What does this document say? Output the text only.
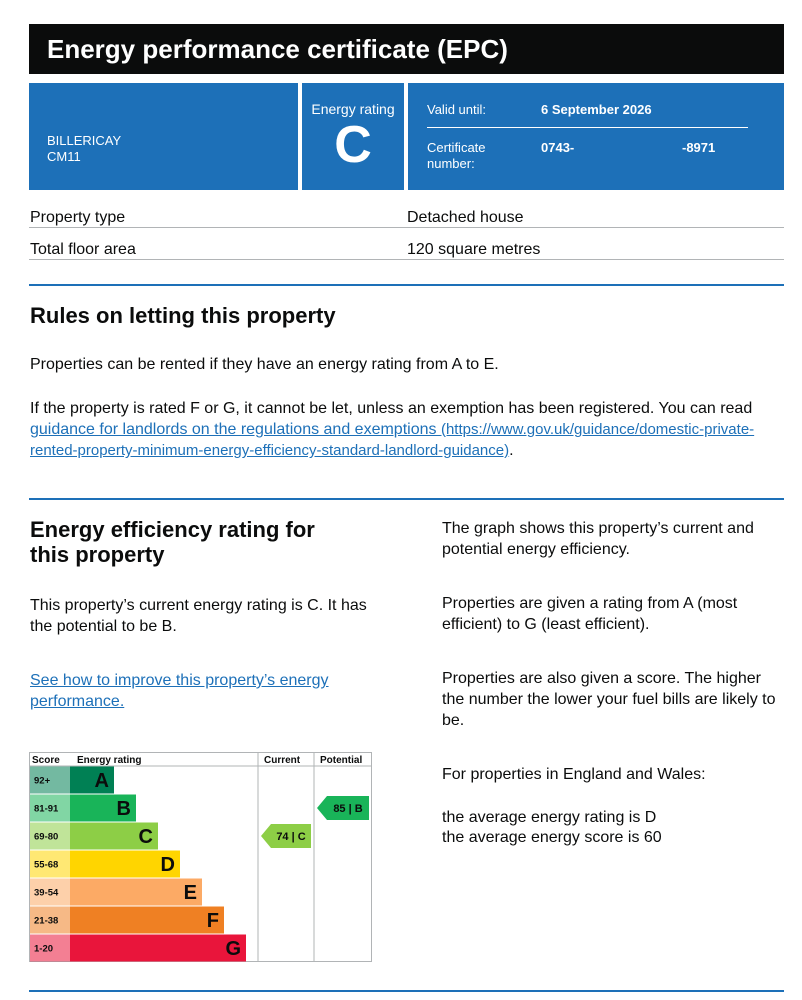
Energy performance certificate (EPC)
BILLERICAY
CM11
Energy rating
C
Valid until:	6 September 2026
Certificate
number:
0743-	-8971
Property type	Detached house
Total floor area	120 square metres
Rules on letting this property

Properties can be rented if they have an energy rating from A to E.

If the property is rated F or G, it cannot be let, unless an exemption has been registered. You can read guidance for landlords on the regulations and exemptions (https://www.gov.uk/guidance/domestic-private-rented-property-minimum-energy-efficiency-standard-landlord-guidance).

Energy efficiency rating for
this property

This property’s current energy rating is C. It has the potential to be B.

See how to improve this property’s energy performance.

The graph shows this property’s current and potential energy efficiency.

Properties are given a rating from A (most efficient) to G (least efficient).

Properties are also given a score. The higher the number the lower your fuel bills are likely to be.

For properties in England and Wales:

the average energy rating is D

the average energy score is 60

Score Energy rating	Current Potential
92+ A
81-91	B
69-80	C
55-68	D
39-54	E
21-38	F
1-20	G
74 | C
85 | B
